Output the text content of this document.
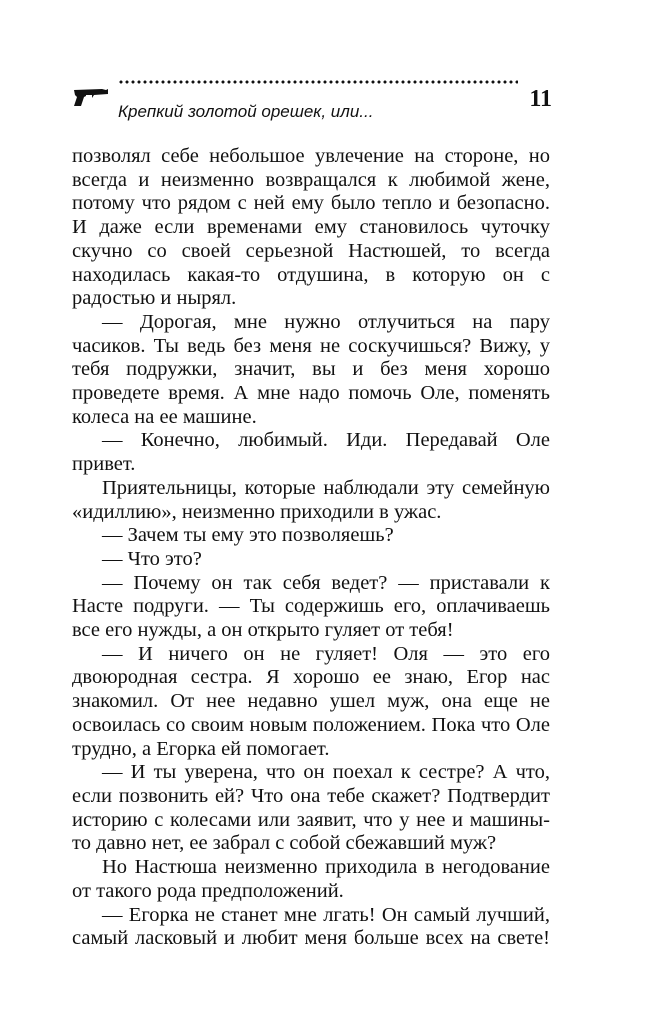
Крепкий золотой орешек, или...	11

позволял себе небольшое увлечение на стороне, но всегда и неизменно возвращался к любимой жене, потому что рядом с ней ему было тепло и безопасно. И даже если временами ему становилось чуточку скучно со своей серьезной Настюшей, то всегда находилась какая-то отдушина, в которую он с радостью и нырял.

— Дорогая, мне нужно отлучиться на пару часиков. Ты ведь без меня не соскучишься? Вижу, у тебя подружки, значит, вы и без меня хорошо проведете время. А мне надо помочь Оле, поменять колеса на ее машине.

— Конечно, любимый. Иди. Передавай Оле привет.

Приятельницы, которые наблюдали эту семейную «идиллию», неизменно приходили в ужас.

— Зачем ты ему это позволяешь?

— Что это?

— Почему он так себя ведет? — приставали к Насте подруги. — Ты содержишь его, оплачиваешь все его нужды, а он открыто гуляет от тебя!

— И ничего он не гуляет! Оля — это его двоюродная сестра. Я хорошо ее знаю, Егор нас знакомил. От нее недавно ушел муж, она еще не освоилась со своим новым положением. Пока что Оле трудно, а Егорка ей помогает.

— И ты уверена, что он поехал к сестре? А что, если позвонить ей? Что она тебе скажет? Подтвердит историю с колесами или заявит, что у нее и машины-то давно нет, ее забрал с собой сбежавший муж?

Но Настюша неизменно приходила в негодование от такого рода предположений.

— Егорка не станет мне лгать! Он самый лучший, самый ласковый и любит меня больше всех на свете!
